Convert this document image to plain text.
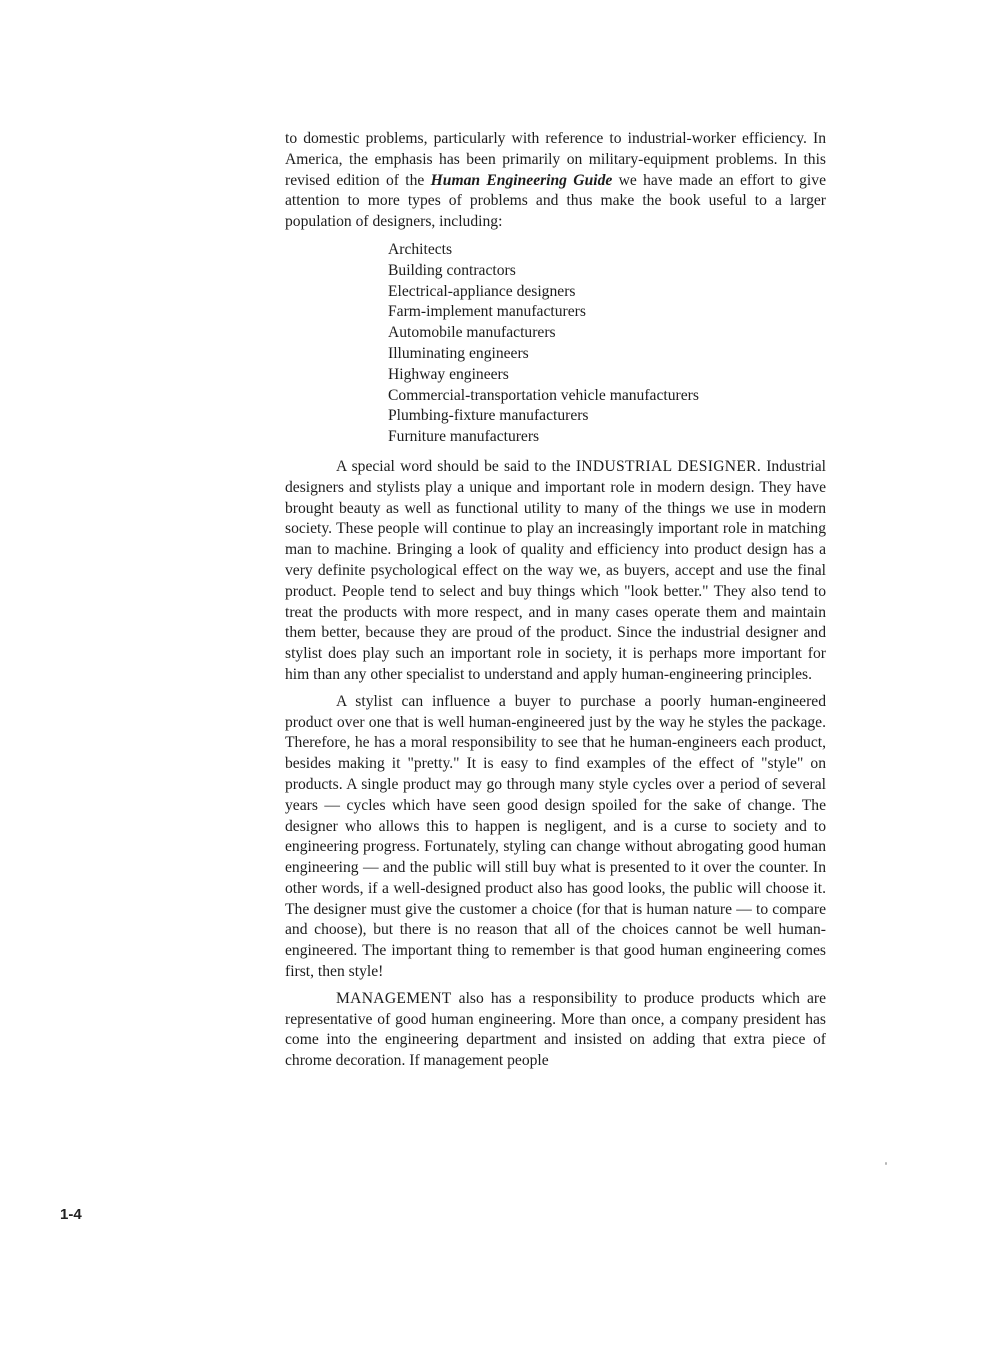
to domestic problems, particularly with reference to industrial-worker efficiency. In America, the emphasis has been primarily on military-equipment problems. In this revised edition of the Human Engineering Guide we have made an effort to give attention to more types of problems and thus make the book useful to a larger population of designers, including:

Architects
Building contractors
Electrical-appliance designers
Farm-implement manufacturers
Automobile manufacturers
Illuminating engineers
Highway engineers
Commercial-transportation vehicle manufacturers
Plumbing-fixture manufacturers
Furniture manufacturers

A special word should be said to the INDUSTRIAL DESIGNER. Industrial designers and stylists play a unique and important role in modern design. They have brought beauty as well as functional utility to many of the things we use in modern society. These people will continue to play an increasingly important role in matching man to machine. Bringing a look of quality and efficiency into product design has a very definite psychological effect on the way we, as buyers, accept and use the final product. People tend to select and buy things which "look better." They also tend to treat the products with more respect, and in many cases operate them and maintain them better, because they are proud of the product. Since the industrial designer and stylist does play such an important role in society, it is perhaps more important for him than any other specialist to understand and apply human-engineering principles.

A stylist can influence a buyer to purchase a poorly human-engineered product over one that is well human-engineered just by the way he styles the package. Therefore, he has a moral responsibility to see that he human-engineers each product, besides making it "pretty." It is easy to find examples of the effect of "style" on products. A single product may go through many style cycles over a period of several years — cycles which have seen good design spoiled for the sake of change. The designer who allows this to happen is negligent, and is a curse to society and to engineering progress. Fortunately, styling can change without abrogating good human engineering — and the public will still buy what is presented to it over the counter. In other words, if a well-designed product also has good looks, the public will choose it. The designer must give the customer a choice (for that is human nature — to compare and choose), but there is no reason that all of the choices cannot be well human-engineered. The important thing to remember is that good human engineering comes first, then style!

MANAGEMENT also has a responsibility to produce products which are representative of good human engineering. More than once, a company president has come into the engineering department and insisted on adding that extra piece of chrome decoration. If management people

1-4
